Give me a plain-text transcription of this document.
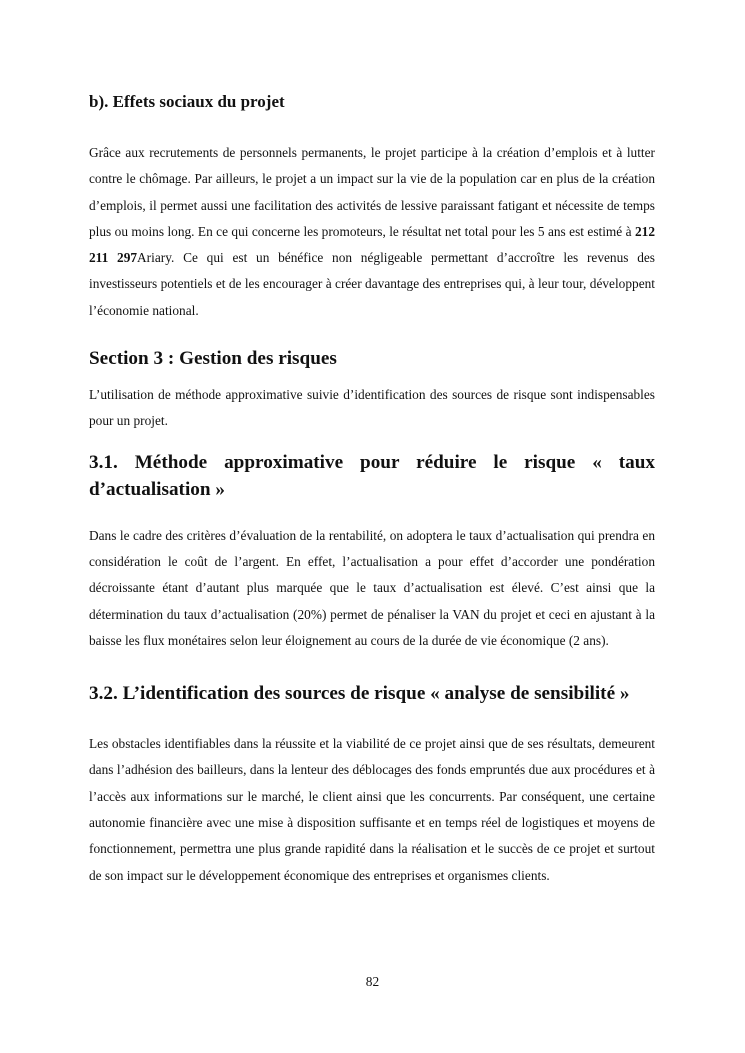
b). Effets sociaux du projet

Grâce aux recrutements de personnels permanents, le projet participe à la création d’emplois et à lutter contre le chômage. Par ailleurs, le projet a un impact sur la vie de la population car en plus de la création d’emplois, il permet aussi une facilitation des activités de lessive paraissant fatigant et nécessite de temps plus ou moins long. En ce qui concerne les promoteurs, le résultat net total pour les 5 ans est estimé à 212 211 297Ariary. Ce qui est un bénéfice non négligeable permettant d’accroître les revenus des investisseurs potentiels et de les encourager à créer davantage des entreprises qui, à leur tour, développent l’économie national.

Section 3 : Gestion des risques

L’utilisation de méthode approximative suivie d’identification des sources de risque sont indispensables pour un projet.

3.1. Méthode approximative pour réduire le risque « taux d’actualisation »

Dans le cadre des critères d’évaluation de la rentabilité, on adoptera le taux d’actualisation qui prendra en considération le coût de l’argent. En effet, l’actualisation a pour effet d’accorder une pondération décroissante étant d’autant plus marquée que le taux d’actualisation est élevé. C’est ainsi que la détermination du taux d’actualisation (20%) permet de pénaliser la VAN du projet et ceci en ajustant à la baisse les flux monétaires selon leur éloignement au cours de la durée de vie économique (2 ans).

3.2. L’identification des sources de risque « analyse de sensibilité »

Les obstacles identifiables dans la réussite et la viabilité de ce projet ainsi que de ses résultats, demeurent dans l’adhésion des bailleurs, dans la lenteur des déblocages des fonds empruntés due aux procédures et à l’accès aux informations sur le marché, le client ainsi que les concurrents. Par conséquent, une certaine autonomie financière avec une mise à disposition suffisante et en temps réel de logistiques et moyens de fonctionnement, permettra une plus grande rapidité dans la réalisation et le succès de ce projet et surtout de son impact sur le développement économique des entreprises et organismes clients.

82
